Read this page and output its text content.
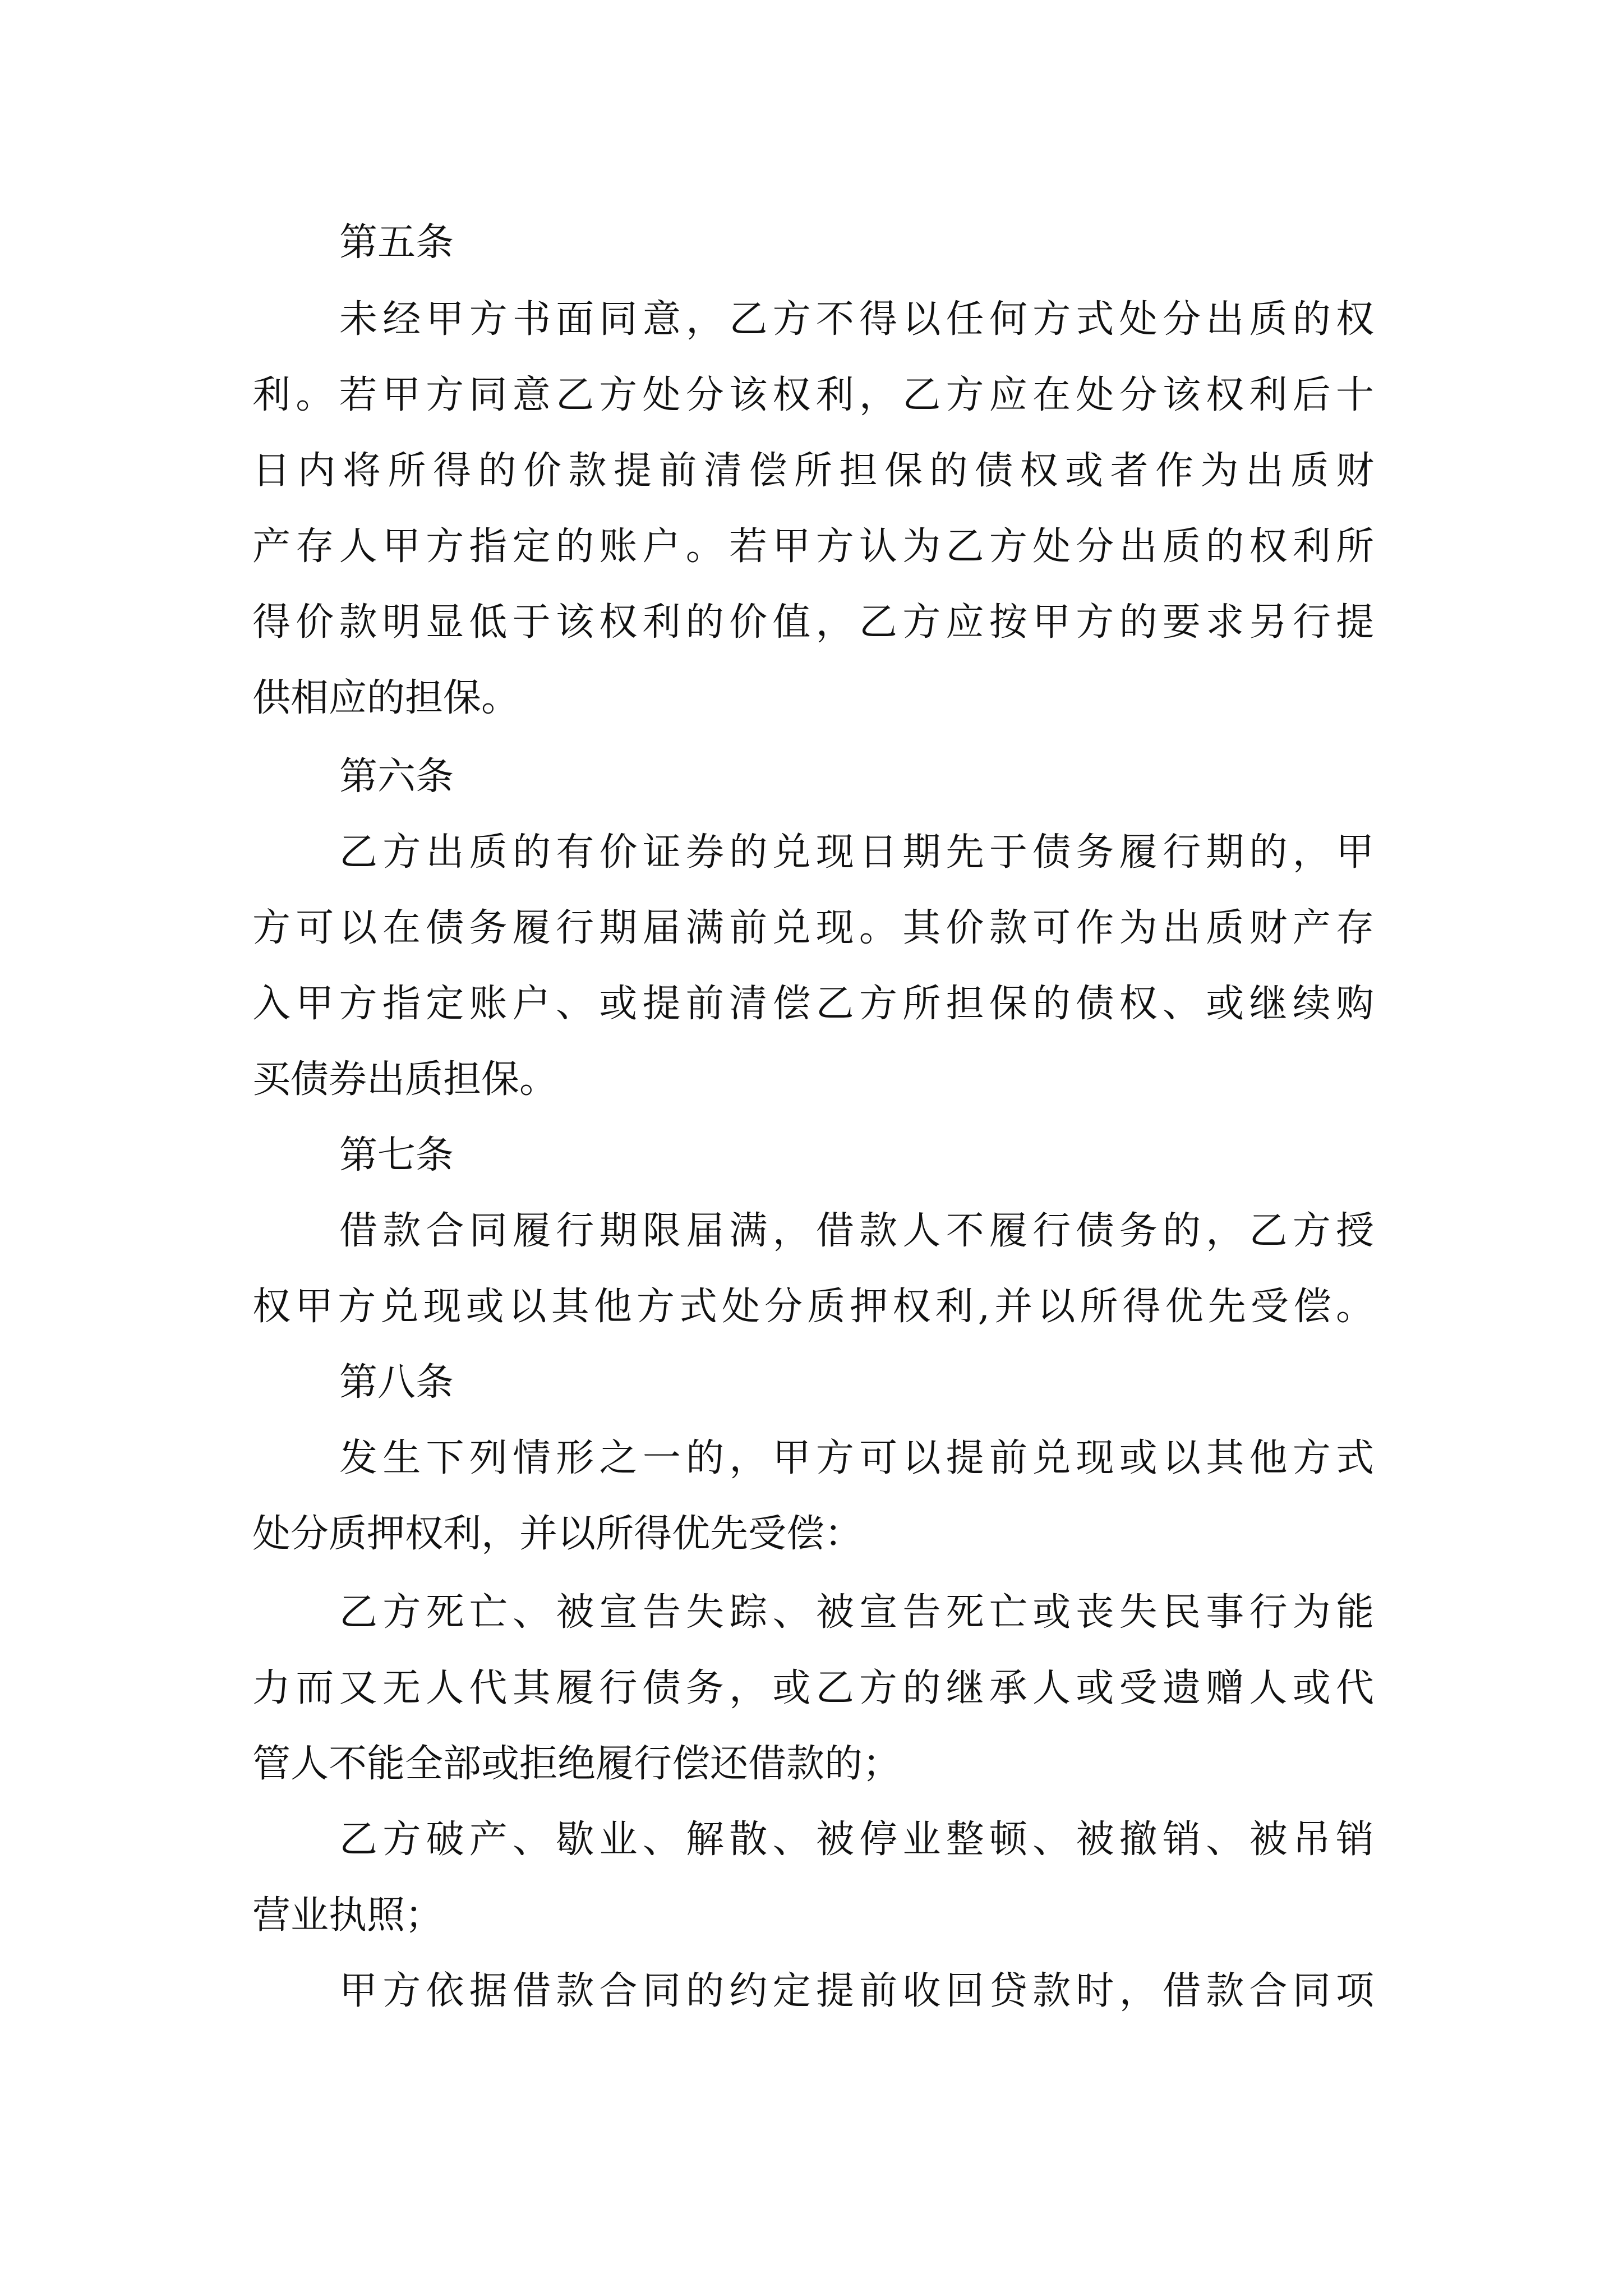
第五条

未经甲方书面同意，乙方不得以任何方式处分出质的权

利。若甲方同意乙方处分该权利，乙方应在处分该权利后十

日内将所得的价款提前清偿所担保的债权或者作为出质财

产存人甲方指定的账户。若甲方认为乙方处分出质的权利所

得价款明显低于该权利的价值，乙方应按甲方的要求另行提

供相应的担保。

第六条

乙方出质的有价证券的兑现日期先于债务履行期的，甲

方可以在债务履行期届满前兑现。其价款可作为出质财产存

入甲方指定账户、或提前清偿乙方所担保的债权、或继续购

买债券出质担保。

第七条

借款合同履行期限届满，借款人不履行债务的，乙方授

权甲方兑现或以其他方式处分质押权利,并以所得优先受偿。

第八条

发生下列情形之一的，甲方可以提前兑现或以其他方式

处分质押权利，并以所得优先受偿：

乙方死亡、被宣告失踪、被宣告死亡或丧失民事行为能

力而又无人代其履行债务，或乙方的继承人或受遗赠人或代

管人不能全部或拒绝履行偿还借款的；

乙方破产、歇业、解散、被停业整顿、被撤销、被吊销

营业执照；

甲方依据借款合同的约定提前收回贷款时，借款合同项
